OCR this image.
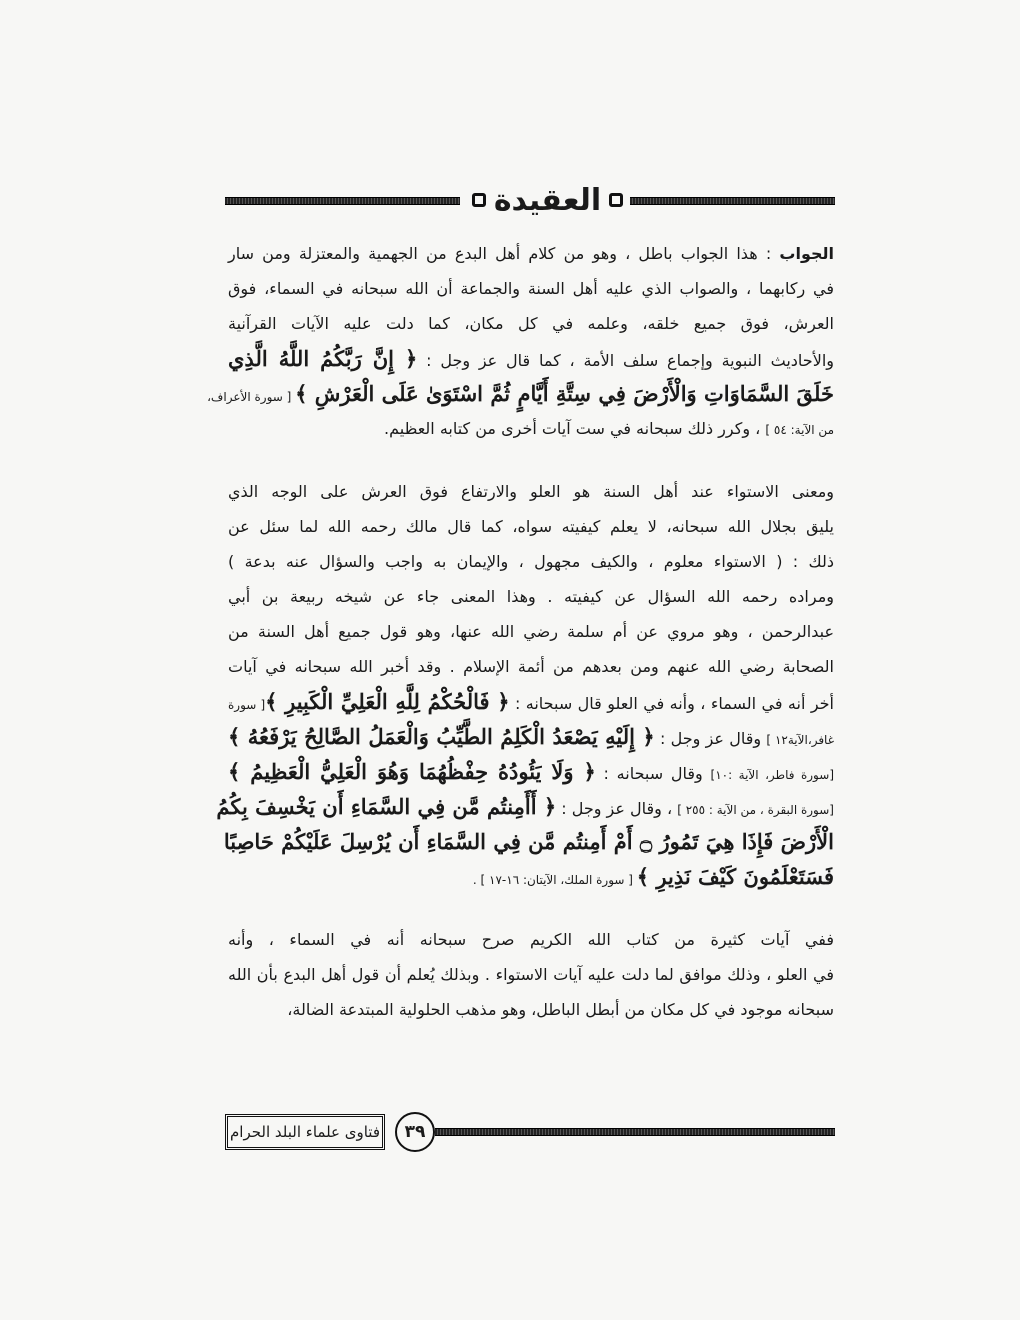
العقيدة
الجواب : هذا الجواب باطل ، وهو من كلام أهل البدع من الجهمية والمعتزلة ومن سار
في ركابهما ، والصواب الذي عليه أهل السنة والجماعة أن الله سبحانه في السماء، فوق
العرش، فوق جميع خلقه، وعلمه في كل مكان، كما دلت عليه الآيات القرآنية
والأحاديث النبوية وإجماع سلف الأمة ، كما قال عز وجل : ﴿ إِنَّ رَبَّكُمُ اللَّهُ الَّذِي
خَلَقَ السَّمَاوَاتِ وَالْأَرْضَ فِي سِتَّةِ أَيَّامٍ ثُمَّ اسْتَوَىٰ عَلَى الْعَرْشِ ﴾ [ سورة الأعراف،
من الآية: ٥٤ ] ، وكرر ذلك سبحانه في ست آيات أخرى من كتابه العظيم.
ومعنى الاستواء عند أهل السنة هو العلو والارتفاع فوق العرش على الوجه الذي
يليق بجلال الله سبحانه، لا يعلم كيفيته سواه، كما قال مالك رحمه الله لما سئل عن
ذلك : ( الاستواء معلوم ، والكيف مجهول ، والإيمان به واجب والسؤال عنه بدعة )
ومراده رحمه الله السؤال عن كيفيته . وهذا المعنى جاء عن شيخه ربيعة بن أبي
عبدالرحمن ، وهو مروي عن أم سلمة رضي الله عنها، وهو قول جميع أهل السنة من
الصحابة رضي الله عنهم ومن بعدهم من أئمة الإسلام . وقد أخبر الله سبحانه في آيات
أخر أنه في السماء ، وأنه في العلو قال سبحانه : ﴿ فَالْحُكْمُ لِلَّهِ الْعَلِيِّ الْكَبِيرِ ﴾[ سورة
غافر،الآية١٢ ] وقال عز وجل : ﴿ إِلَيْهِ يَصْعَدُ الْكَلِمُ الطَّيِّبُ وَالْعَمَلُ الصَّالِحُ يَرْفَعُهُ ﴾
[سورة فاطر، الآية :١٠] وقال سبحانه : ﴿ وَلَا يَئُودُهُ حِفْظُهُمَا وَهُوَ الْعَلِيُّ الْعَظِيمُ ﴾
[سورة البقرة ، من الآية : ٢٥٥ ] ، وقال عز وجل : ﴿ أَأَمِنتُم مَّن فِي السَّمَاءِ أَن يَخْسِفَ بِكُمُ
الْأَرْضَ فَإِذَا هِيَ تَمُورُ ۝ أَمْ أَمِنتُم مَّن فِي السَّمَاءِ أَن يُرْسِلَ عَلَيْكُمْ حَاصِبًا
فَسَتَعْلَمُونَ كَيْفَ نَذِيرِ ﴾ [ سورة الملك، الآيتان: ١٦-١٧ ] .
ففي آيات كثيرة من كتاب الله الكريم صرح سبحانه أنه في السماء ، وأنه
في العلو ، وذلك موافق لما دلت عليه آيات الاستواء . وبذلك يُعلم أن قول أهل البدع بأن الله
سبحانه موجود في كل مكان من أبطل الباطل، وهو مذهب الحلولية المبتدعة الضالة،
فتاوى علماء البلد الحرام	٣٩
